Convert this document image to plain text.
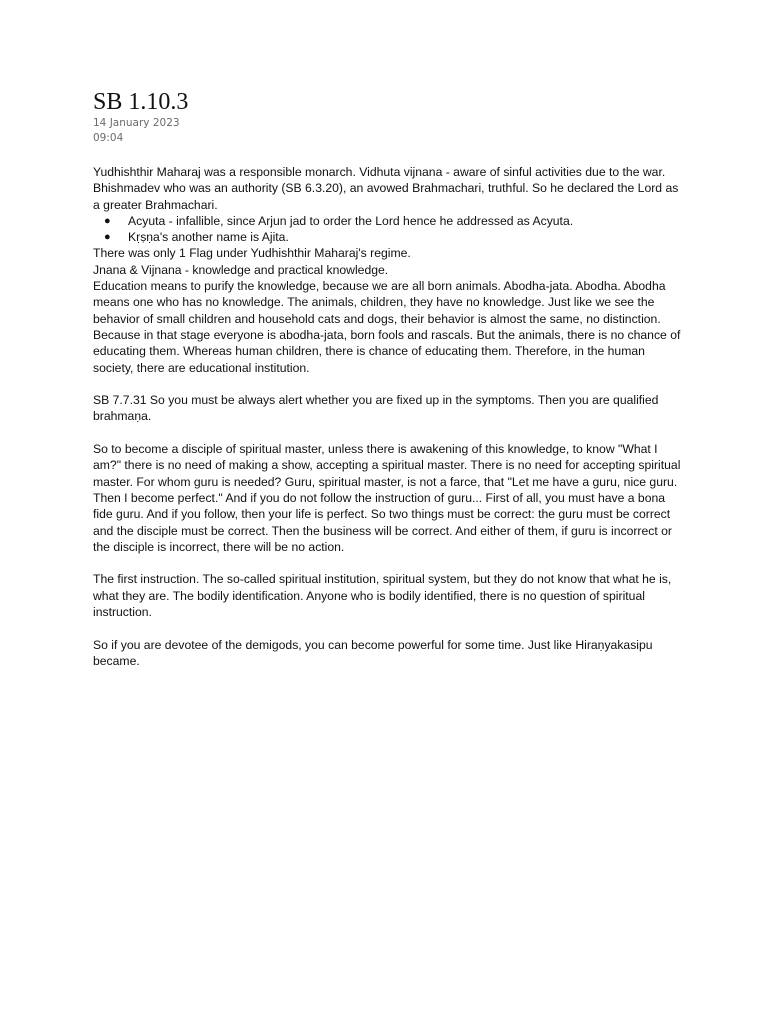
SB 1.10.3
14 January 2023
09:04

Yudhishthir Maharaj was a responsible monarch. Vidhuta vijnana - aware of sinful activities due to the war. Bhishmadev who was an authority (SB 6.3.20), an avowed Brahmachari, truthful. So he declared the Lord as a greater Brahmachari.

● Acyuta - infallible, since Arjun jad to order the Lord hence he addressed as Acyuta.
● Kṛṣṇa's another name is Ajita.

There was only 1 Flag under Yudhishthir Maharaj's regime.

Jnana & Vijnana - knowledge and practical knowledge.

Education means to purify the knowledge, because we are all born animals. Abodha-jata. Abodha. Abodha means one who has no knowledge. The animals, children, they have no knowledge. Just like we see the behavior of small children and household cats and dogs, their behavior is almost the same, no distinction. Because in that stage everyone is abodha-jata, born fools and rascals. But the animals, there is no chance of educating them. Whereas human children, there is chance of educating them. Therefore, in the human society, there are educational institution.

SB 7.7.31 So you must be always alert whether you are fixed up in the symptoms. Then you are qualified brahmaṇa.

So to become a disciple of spiritual master, unless there is awakening of this knowledge, to know "What I am?" there is no need of making a show, accepting a spiritual master. There is no need for accepting spiritual master. For whom guru is needed? Guru, spiritual master, is not a farce, that "Let me have a guru, nice guru. Then I become perfect." And if you do not follow the instruction of guru... First of all, you must have a bona fide guru. And if you follow, then your life is perfect. So two things must be correct: the guru must be correct and the disciple must be correct. Then the business will be correct. And either of them, if guru is incorrect or the disciple is incorrect, there will be no action.

The first instruction. The so-called spiritual institution, spiritual system, but they do not know that what he is, what they are. The bodily identification. Anyone who is bodily identified, there is no question of spiritual instruction.

So if you are devotee of the demigods, you can become powerful for some time. Just like Hiraṇyakasipu became.
